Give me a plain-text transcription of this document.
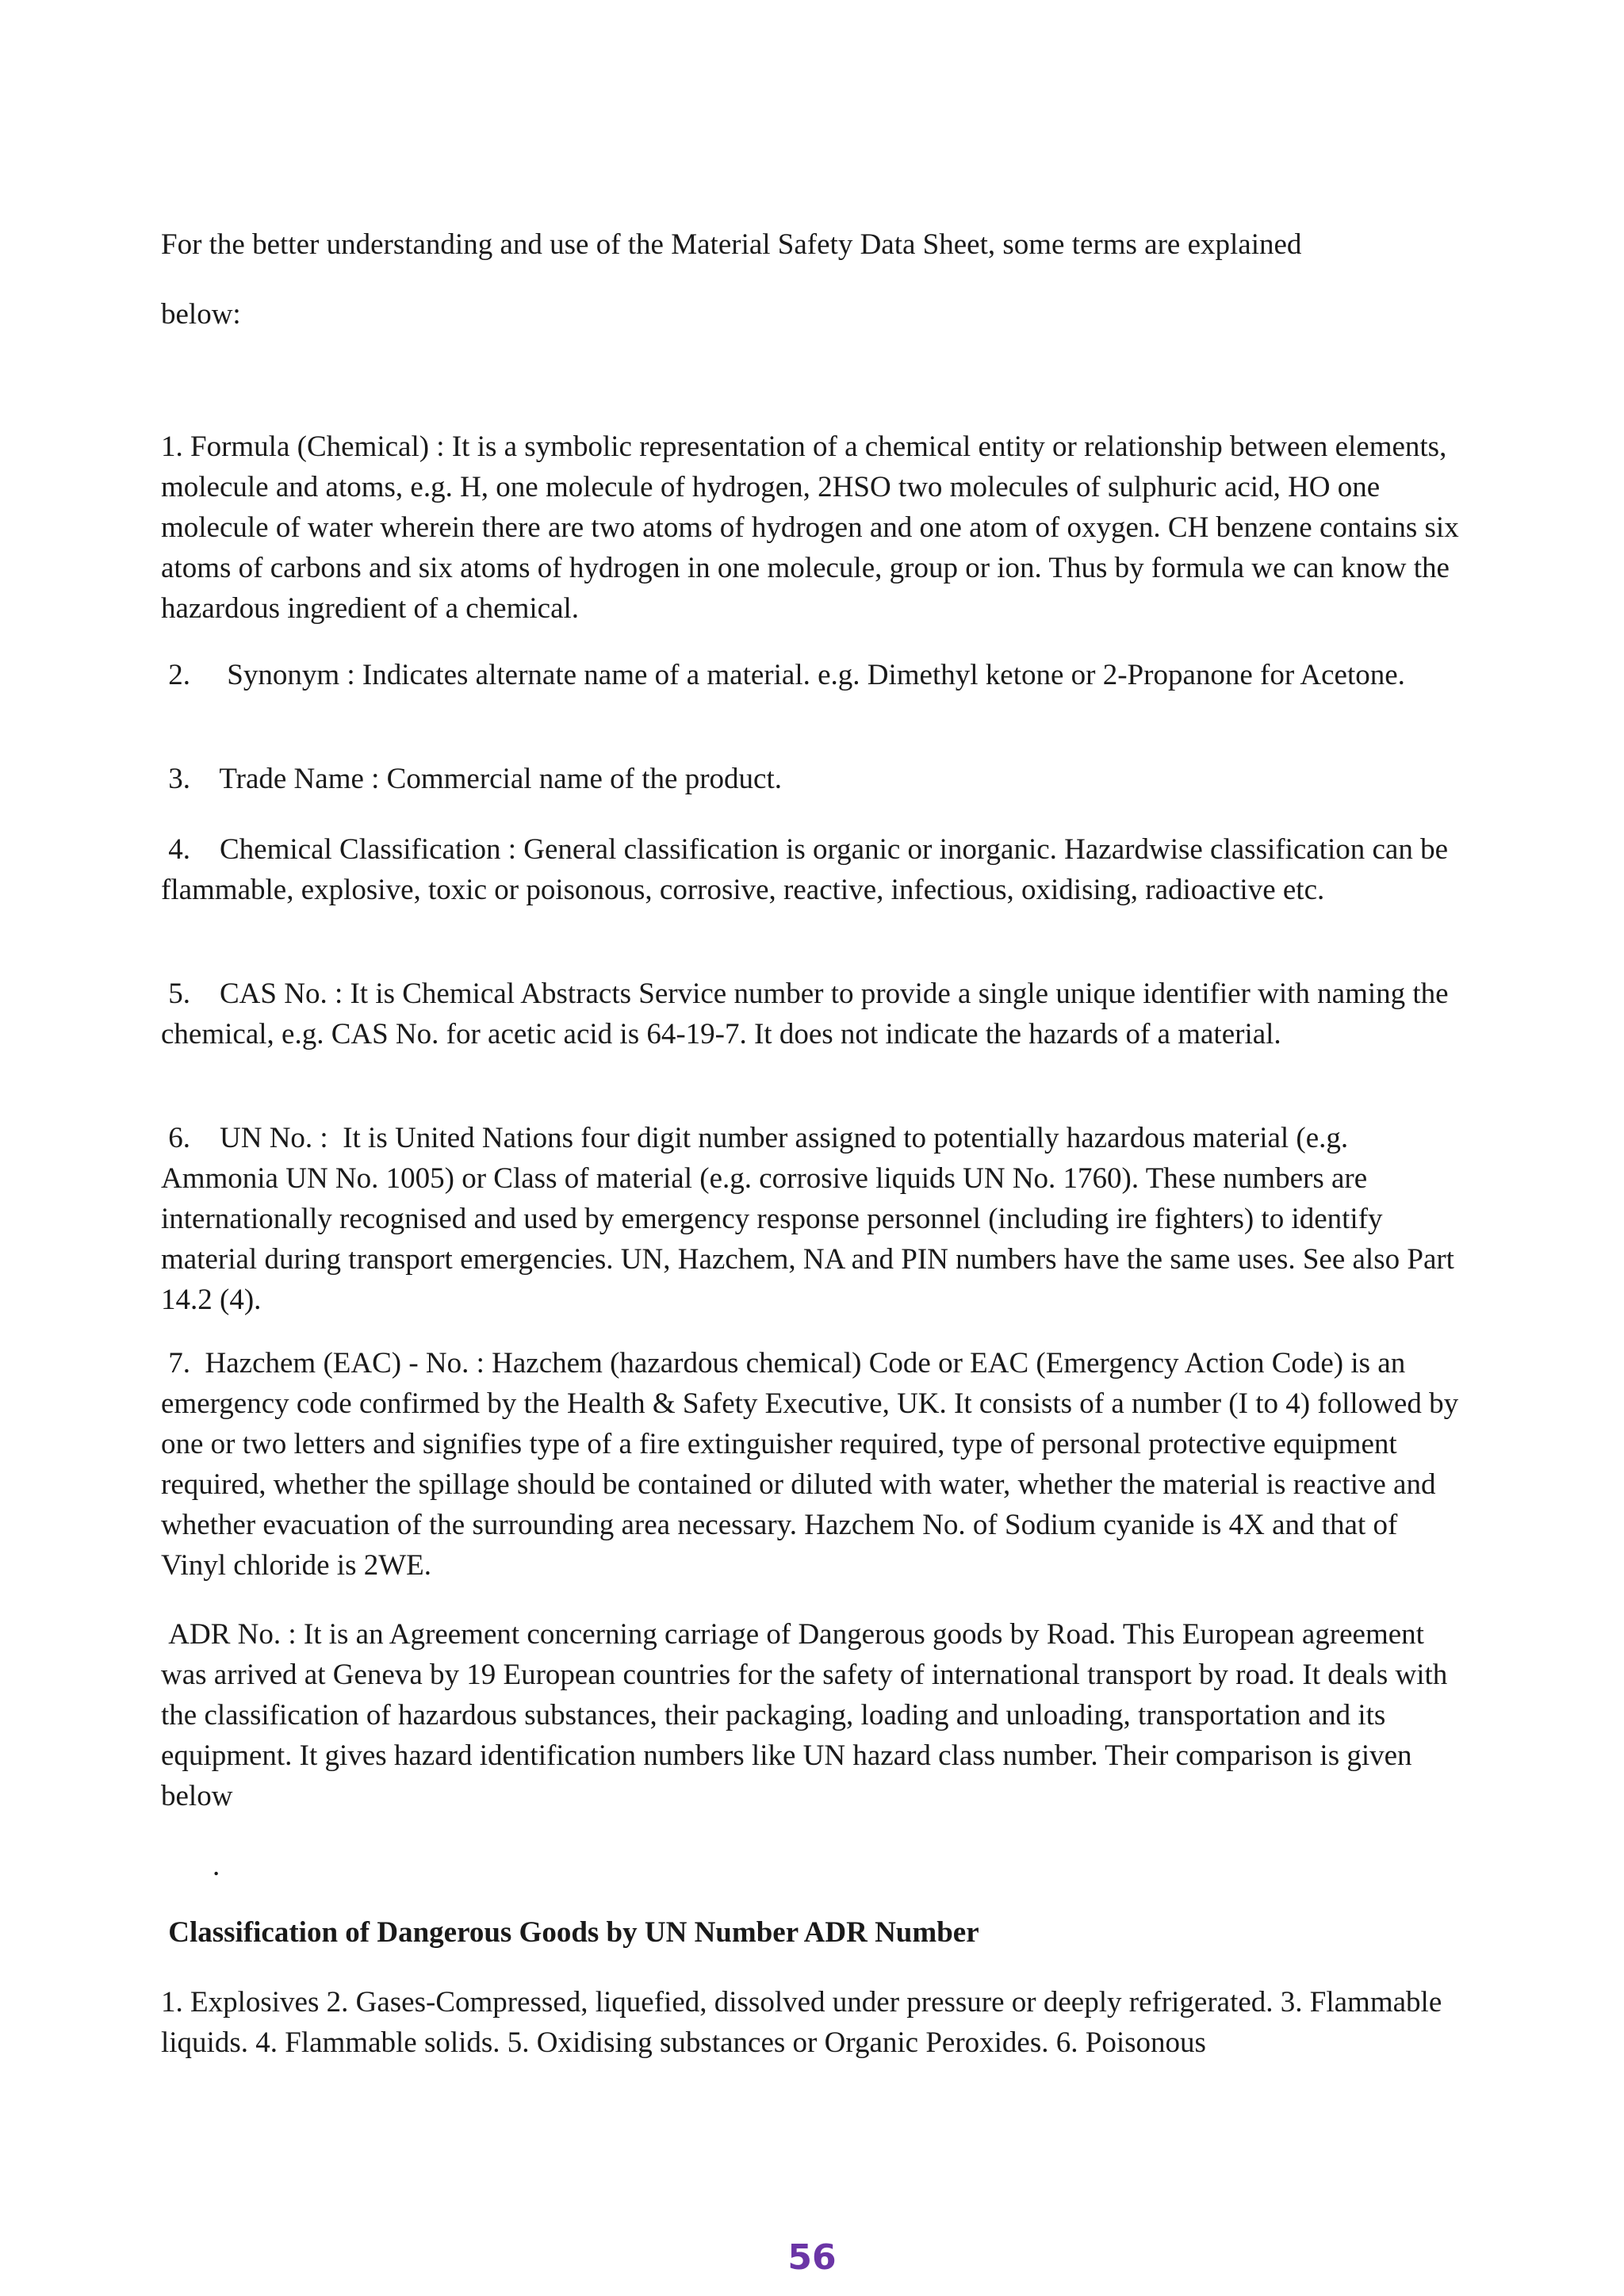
For the better understanding and use of the Material Safety Data Sheet, some terms are explained

below:

1. Formula (Chemical) : It is a symbolic representation of a chemical entity or relationship between elements, molecule and atoms, e.g. H, one molecule of hydrogen, 2HSO two molecules of sulphuric acid, HO one molecule of water wherein there are two atoms of hydrogen and one atom of oxygen. CH benzene contains six atoms of carbons and six atoms of hydrogen in one molecule, group or ion. Thus by formula we can know the hazardous ingredient of a chemical.

2.     Synonym : Indicates alternate name of a material. e.g. Dimethyl ketone or 2-Propanone for Acetone.

3.    Trade Name : Commercial name of the product.

4.    Chemical Classification : General classification is organic or inorganic. Hazardwise classification can be flammable, explosive, toxic or poisonous, corrosive, reactive, infectious, oxidising, radioactive etc.

5.    CAS No. : It is Chemical Abstracts Service number to provide a single unique identifier with naming the chemical, e.g. CAS No. for acetic acid is 64-19-7. It does not indicate the hazards of a material.

6.    UN No. :  It is United Nations four digit number assigned to potentially hazardous material (e.g. Ammonia UN No. 1005) or Class of material (e.g. corrosive liquids UN No. 1760). These numbers are internationally recognised and used by emergency response personnel (including ire fighters) to identify material during transport emergencies. UN, Hazchem, NA and PIN numbers have the same uses. See also Part 14.2 (4).

7.  Hazchem (EAC) - No. : Hazchem (hazardous chemical) Code or EAC (Emergency Action Code) is an emergency code confirmed by the Health & Safety Executive, UK. It consists of a number (I to 4) followed by one or two letters and signifies type of a fire extinguisher required, type of personal protective equipment required, whether the spillage should be contained or diluted with water, whether the material is reactive and whether evacuation of the surrounding area necessary. Hazchem No. of Sodium cyanide is 4X and that of Vinyl chloride is 2WE.

ADR No. : It is an Agreement concerning carriage of Dangerous goods by Road. This European agreement was arrived at Geneva by 19 European countries for the safety of international transport by road. It deals with the classification of hazardous substances, their packaging, loading and unloading, transportation and its equipment. It gives hazard identification numbers like UN hazard class number. Their comparison is given below

.

Classification of Dangerous Goods by UN Number ADR Number

1. Explosives 2. Gases-Compressed, liquefied, dissolved under pressure or deeply refrigerated. 3. Flammable liquids. 4. Flammable solids. 5. Oxidising substances or Organic Peroxides. 6. Poisonous

56
